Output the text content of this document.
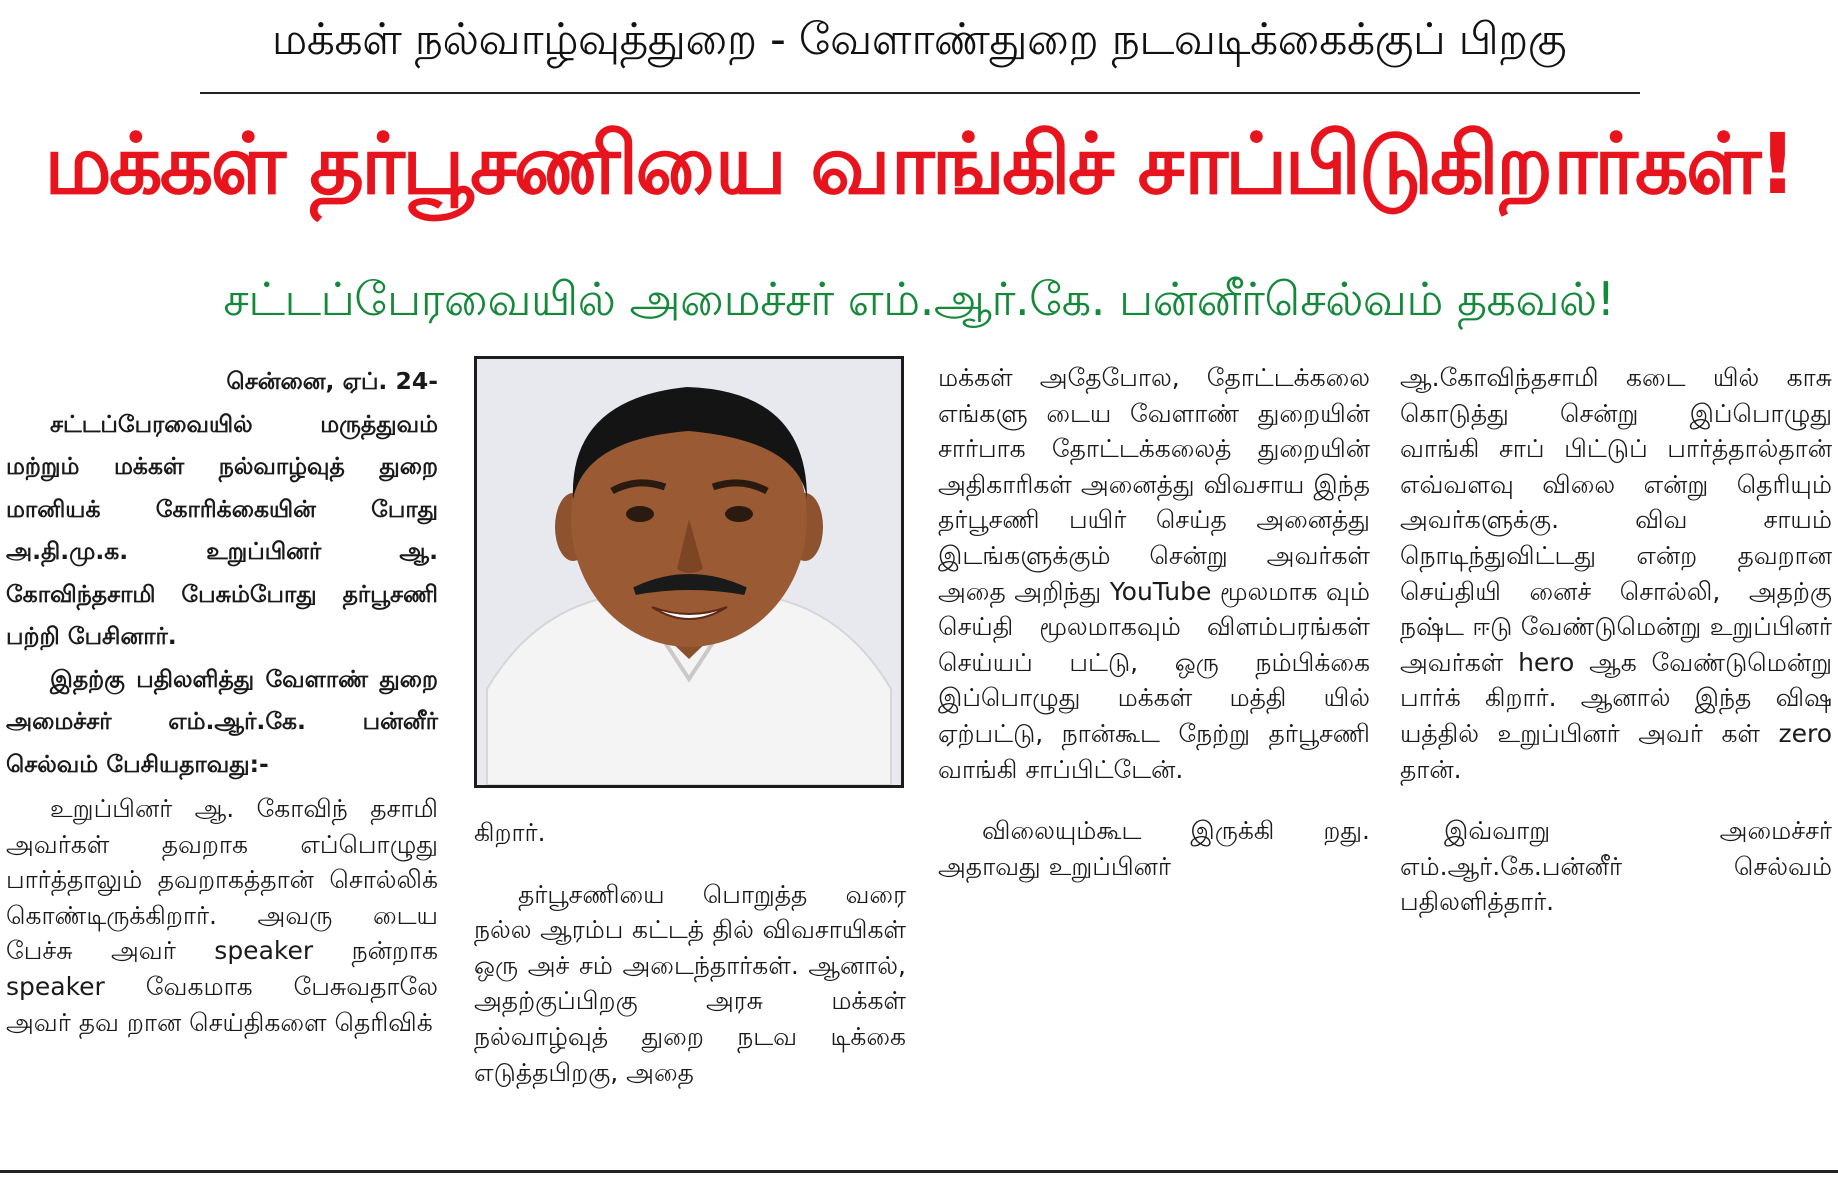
மக்கள் நல்வாழ்வுத்துறை - வேளாண்துறை நடவடிக்கைக்குப் பிறகு
மக்கள் தர்பூசணியை வாங்கிச் சாப்பிடுகிறார்கள்!
சட்டப்பேரவையில் அமைச்சர் எம்.ஆர்.கே. பன்னீர்செல்வம் தகவல்!

சென்னை, ஏப். 24-

சட்டப்பேரவையில் மருத்துவம் மற்றும் மக்கள் நல்வாழ்வுத் துறை மானியக் கோரிக்கையின் போது அ.தி.மு.க. உறுப்பினர் ஆ. கோவிந்தசாமி பேசும்போது தர்பூசணி பற்றி பேசினார்.

இதற்கு பதிலளித்து வேளாண் துறை அமைச்சர் எம்.ஆர்.கே. பன்னீர் செல்வம் பேசியதாவது:-

உறுப்பினர் ஆ. கோவிந் தசாமி அவர்கள் தவறாக எப்பொழுது பார்த்தாலும் தவறாகத்தான் சொல்லிக் கொண்டிருக்கிறார். அவரு டைய பேச்சு அவர் speaker நன்றாக speaker வேகமாக பேசுவதாலே அவர் தவ றான செய்திகளை தெரிவிக்

கிறார்.

தர்பூசணியை பொறுத்த வரை நல்ல ஆரம்ப கட்டத் தில் விவசாயிகள் ஒரு அச் சம் அடைந்தார்கள். ஆனால், அதற்குப்பிறகு அரசு மக்கள் நல்வாழ்வுத் துறை நடவ டிக்கை எடுத்தபிறகு, அதை

மக்கள் அதேபோல, தோட்டக்கலை எங்களு டைய வேளாண் துறையின் சார்பாக தோட்டக்கலைத் துறையின் அதிகாரிகள் அனைத்து விவசாய இந்த தர்பூசணி பயிர் செய்த அனைத்து இடங்களுக்கும் சென்று அவர்கள் அதை அறிந்து YouTube மூலமாக வும் செய்தி மூலமாகவும் விளம்பரங்கள் செய்யப் பட்டு, ஒரு நம்பிக்கை இப்பொழுது மக்கள் மத்தி யில் ஏற்பட்டு, நான்கூட நேற்று தர்பூசணி வாங்கி சாப்பிட்டேன்.

விலையும்கூட இருக்கி றது. அதாவது உறுப்பினர்

ஆ.கோவிந்தசாமி கடை யில் காசு கொடுத்து சென்று இப்பொழுது வாங்கி சாப் பிட்டுப் பார்த்தால்தான் எவ்வளவு விலை என்று தெரியும் அவர்களுக்கு. விவ சாயம் நொடிந்துவிட்டது என்ற தவறான செய்தியி னைச் சொல்லி, அதற்கு நஷ்ட ஈடு வேண்டுமென்று உறுப்பினர் அவர்கள் hero ஆக வேண்டுமென்று பார்க் கிறார். ஆனால் இந்த விஷ யத்தில் உறுப்பினர் அவர் கள் zero தான்.

இவ்வாறு அமைச்சர் எம்.ஆர்.கே.பன்னீர் செல்வம் பதிலளித்தார்.
